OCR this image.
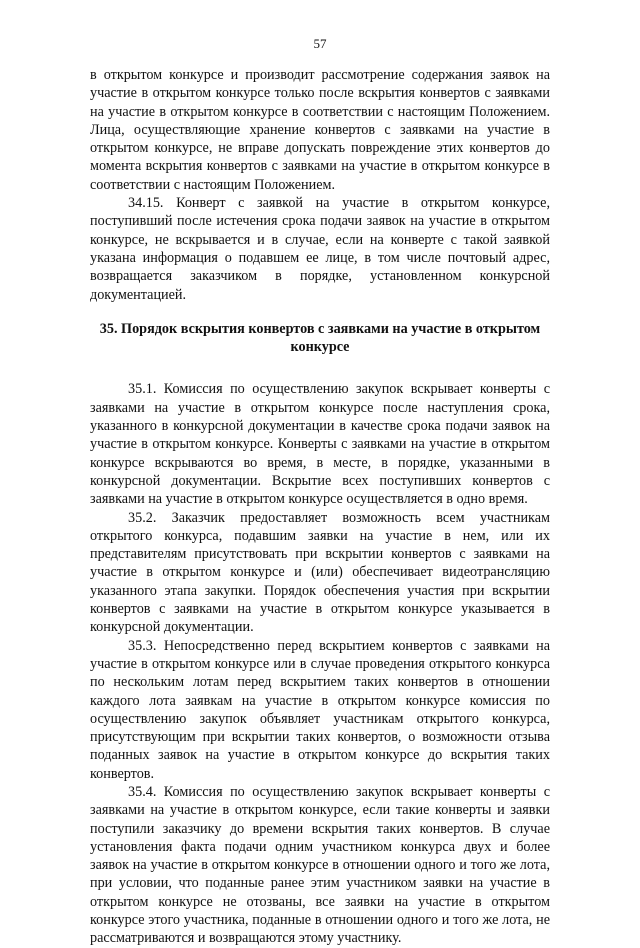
57

в открытом конкурсе и производит рассмотрение содержания заявок на участие в открытом конкурсе только после вскрытия конвертов с заявками на участие в открытом конкурсе в соответствии с настоящим Положением. Лица, осуществляющие хранение конвертов с заявками на участие в открытом конкурсе, не вправе допускать повреждение этих конвертов до момента вскрытия конвертов с заявками на участие в открытом конкурсе в соответствии с настоящим Положением.

34.15. Конверт с заявкой на участие в открытом конкурсе, поступивший после истечения срока подачи заявок на участие в открытом конкурсе, не вскрывается и в случае, если на конверте с такой заявкой указана информация о подавшем ее лице, в том числе почтовый адрес, возвращается заказчиком в порядке, установленном конкурсной документацией.

35. Порядок вскрытия конвертов с заявками на участие в открытом конкурсе

35.1. Комиссия по осуществлению закупок вскрывает конверты с заявками на участие в открытом конкурсе после наступления срока, указанного в конкурсной документации в качестве срока подачи заявок на участие в открытом конкурсе. Конверты с заявками на участие в открытом конкурсе вскрываются во время, в месте, в порядке, указанными в конкурсной документации. Вскрытие всех поступивших конвертов с заявками на участие в открытом конкурсе осуществляется в одно время.

35.2. Заказчик предоставляет возможность всем участникам открытого конкурса, подавшим заявки на участие в нем, или их представителям присутствовать при вскрытии конвертов с заявками на участие в открытом конкурсе и (или) обеспечивает видеотрансляцию указанного этапа закупки. Порядок обеспечения участия при вскрытии конвертов с заявками на участие в открытом конкурсе указывается в конкурсной документации.

35.3. Непосредственно перед вскрытием конвертов с заявками на участие в открытом конкурсе или в случае проведения открытого конкурса по нескольким лотам перед вскрытием таких конвертов в отношении каждого лота заявкам на участие в открытом конкурсе комиссия по осуществлению закупок объявляет участникам открытого конкурса, присутствующим при вскрытии таких конвертов, о возможности отзыва поданных заявок на участие в открытом конкурсе до вскрытия таких конвертов.

35.4. Комиссия по осуществлению закупок вскрывает конверты с заявками на участие в открытом конкурсе, если такие конверты и заявки поступили заказчику до времени вскрытия таких конвертов. В случае установления факта подачи одним участником конкурса двух и более заявок на участие в открытом конкурсе в отношении одного и того же лота, при условии, что поданные ранее этим участником заявки на участие в открытом конкурсе не отозваны, все заявки на участие в открытом конкурсе этого участника, поданные в отношении одного и того же лота, не рассматриваются и возвращаются этому участнику.
